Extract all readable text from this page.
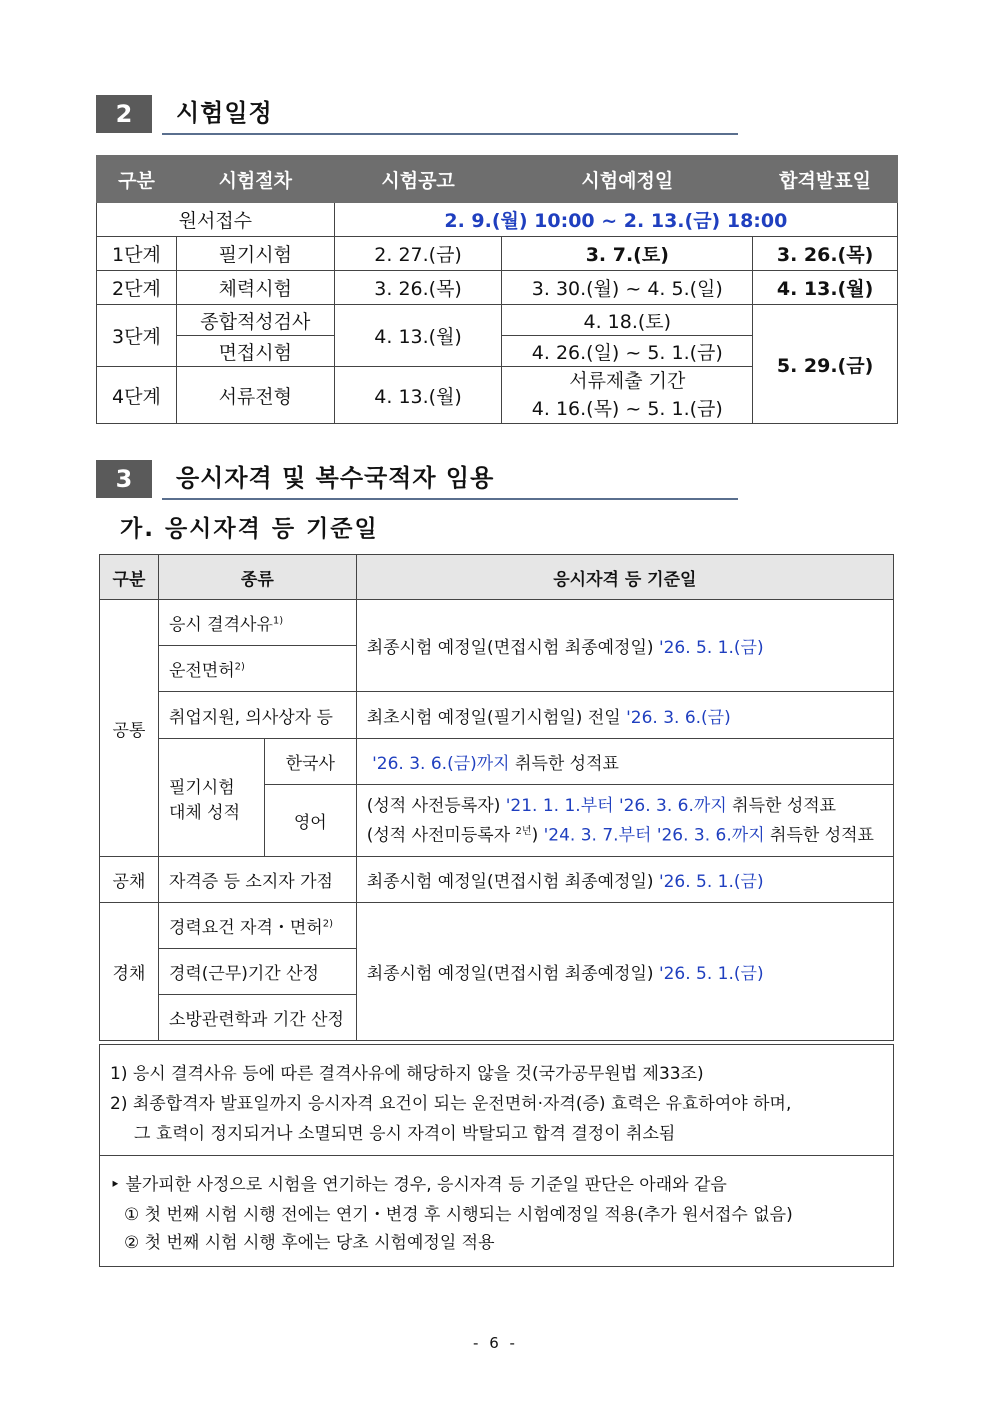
2	시험일정
구분	시험절차	시험공고	시험예정일	합격발표일
원서접수		2. 9.(월) 10:00 ~ 2. 13.(금) 18:00		
1단계	필기시험	2. 27.(금)	3. 7.(토)	3. 26.(목)
2단계	체력시험	3. 26.(목)	3. 30.(월) ~ 4. 5.(일)	4. 13.(월)
3단계	종합적성검사	4. 13.(월)	4. 18.(토)	5. 29.(금)
	면접시험		4. 26.(일) ~ 5. 1.(금)	
4단계	서류전형	4. 13.(월)	서류제출 기간
4. 16.(목) ~ 5. 1.(금)	
3	응시자격 및 복수국적자 임용
가. 응시자격 등 기준일
구분	종류		응시자격 등 기준일
공통	응시 결격사유$^{1)}$		최종시험 예정일(면접시험 최종예정일) '26. 5. 1.(금)
	운전면허$^{2)}$
	취업지원, 의사상자 등		최초시험 예정일(필기시험일) 전일 '26. 3. 6.(금)

	필기시험
대체 성적	한국사	'26. 3. 6.(금)까지 취득한 성적표
		영어	(성적 사전등록자) '21. 1. 1.부터 '26. 3. 6.까지 취득한 성적표
(성적 사전미등록자 $^{2년}$) '24. 3. 7.부터 '26. 3. 6.까지 취득한 성적표

공채	자격증 등 소지자 가점		최종시험 예정일(면접시험 최종예정일) '26. 5. 1.(금)
경채	경력요건 자격・면허$^{2)}$		최종시험 예정일(면접시험 최종예정일) '26. 5. 1.(금)
	경력(근무)기간 산정		
	소방관련학과 기간 산정		
1) 응시 결격사유 등에 따른 결격사유에 해당하지 않을 것(국가공무원법 제33조)
2) 최종합격자 발표일까지 응시자격 요건이 되는 운전면허·자격(증) 효력은 유효하여야 하며,
그 효력이 정지되거나 소멸되면 응시 자격이 박탈되고 합격 결정이 취소됨
‣ 불가피한 사정으로 시험을 연기하는 경우, 응시자격 등 기준일 판단은 아래와 같음
① 첫 번째 시험 시행 전에는 연기・변경 후 시행되는 시험예정일 적용(추가 원서접수 없음)
② 첫 번째 시험 시행 후에는 당초 시험예정일 적용
- 6 -
